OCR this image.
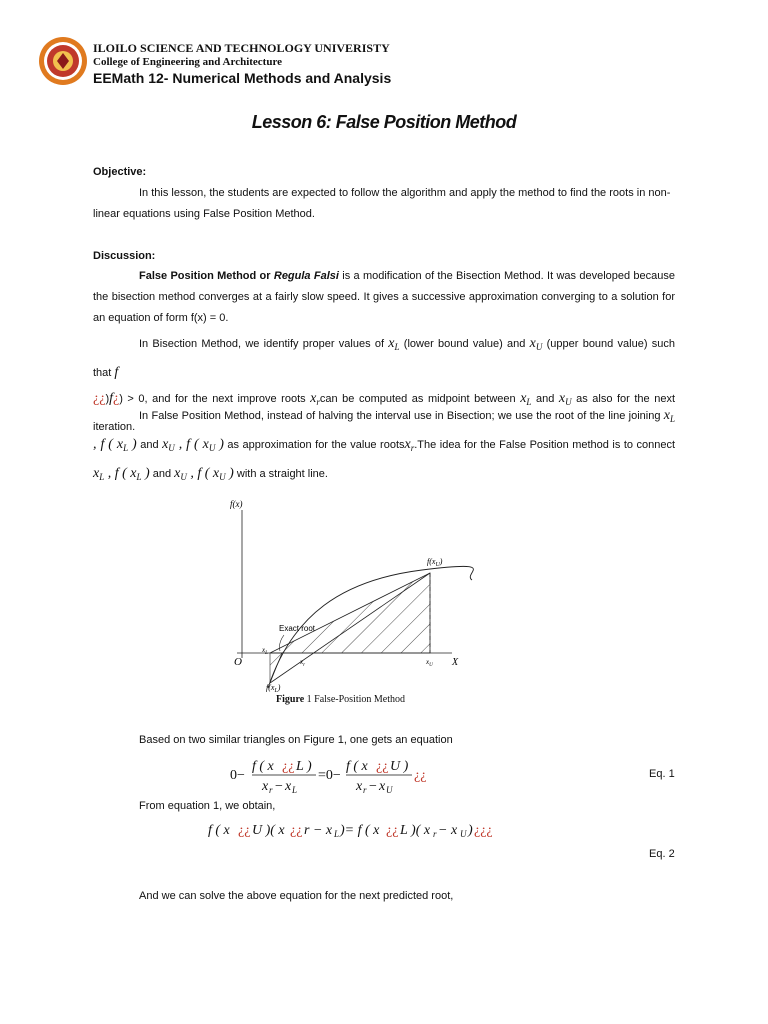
ILOILO SCIENCE AND TECHNOLOGY UNIVERISTY
College of Engineering and Architecture
EEMath 12- Numerical Methods and Analysis
Lesson 6: False Position Method
Objective:
In this lesson, the students are expected to follow the algorithm and apply the method to find the roots in non-
linear equations using False Position Method.
Discussion:
False Position Method or Regula Falsi is a modification of the Bisection Method. It was developed because the bisection method converges at a fairly slow speed. It gives a successive approximation converging to a solution for an equation of form f(x) = 0.
In Bisection Method, we identify proper values of $x_L$ (lower bound value) and $x_U$ (upper bound value) such that f
¿¿)f¿) > 0, and for the next improve roots $x_rcan$ be computed as midpoint between $x_L$ and $x_U$ as also for the next iteration.
In False Position Method, instead of halving the interval use in Bisection; we use the root of the line joining $x_L$ , f ( $x_L$ ) and $x_U$ , f ( $x_U$ ) as approximation for the value rootsx$_r$.The idea for the False Position method is to connect $x_L$ , f ( $x_L$ ) and $x_U$ , f ( $x_U$ ) with a straight line.
f(x)
$f(x_U)$
Exact root
O	X
$x_L$
$x_r$	$x_U$
$f(x_L)$
Figure 1 False-Position Method
Based on two similar triangles on Figure 1, one gets an equation
0−
f ( x ¿¿ L )
x r − x L
=0−
f ( x ¿¿ U )
x r − x U
¿¿	Eq. 1
From equation 1, we obtain,
f ( x ¿¿ U )( x ¿¿ r − x L )= f ( x ¿¿ L )( x r − x U ) ¿¿¿
Eq. 2
And we can solve the above equation for the next predicted root,
